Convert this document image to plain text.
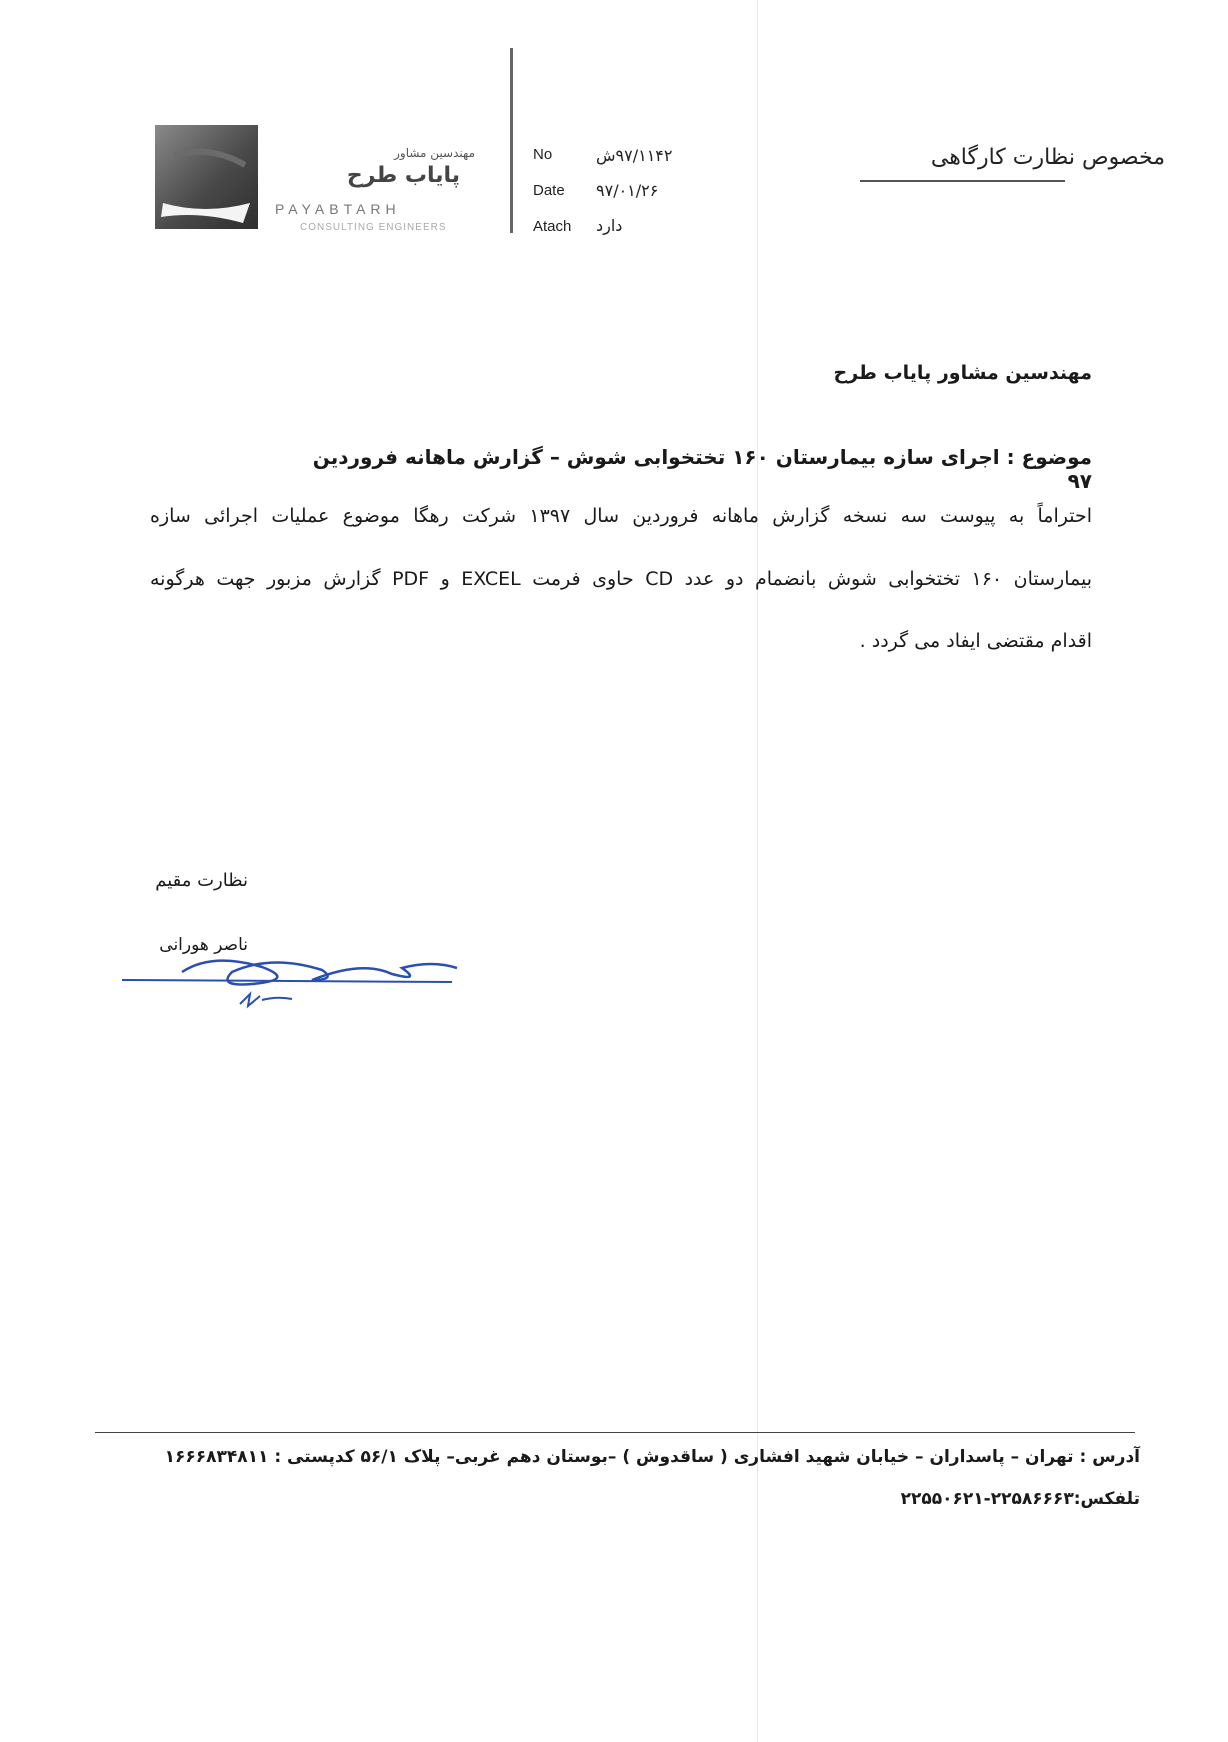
مهندسین مشاور
پایاب طرح
PAYABTARH
CONSULTING ENGINEERS
No	۹۷/۱۱۴۲ش
Date ۹۷/۰۱/۲۶
Atach دارد
مخصوص نظارت کارگاهی
مهندسین مشاور پایاب طرح
موضوع : اجرای سازه بیمارستان ۱۶۰ تختخوابی شوش – گزارش ماهانه فروردین ۹۷
احتراماً به پیوست سه نسخه گزارش ماهانه فروردین سال ۱۳۹۷ شرکت رهگا موضوع عملیات اجرائی سازه
بیمارستان ۱۶۰ تختخوابی شوش بانضمام دو عدد CD حاوی فرمت EXCEL و PDF گزارش مزبور جهت هرگونه
اقدام مقتضی ایفاد می گردد .
نظارت مقیم
ناصر هورانی
آدرس : تهران – پاسداران – خیابان شهید افشاری ( ساقدوش ) –بوستان دهم غربی– پلاک ۵۶/۱ کدپستی : ۱۶۶۶۸۳۴۸۱۱
تلفکس:۲۲۵۸۶۶۶۳-۲۲۵۵۰۶۲۱
